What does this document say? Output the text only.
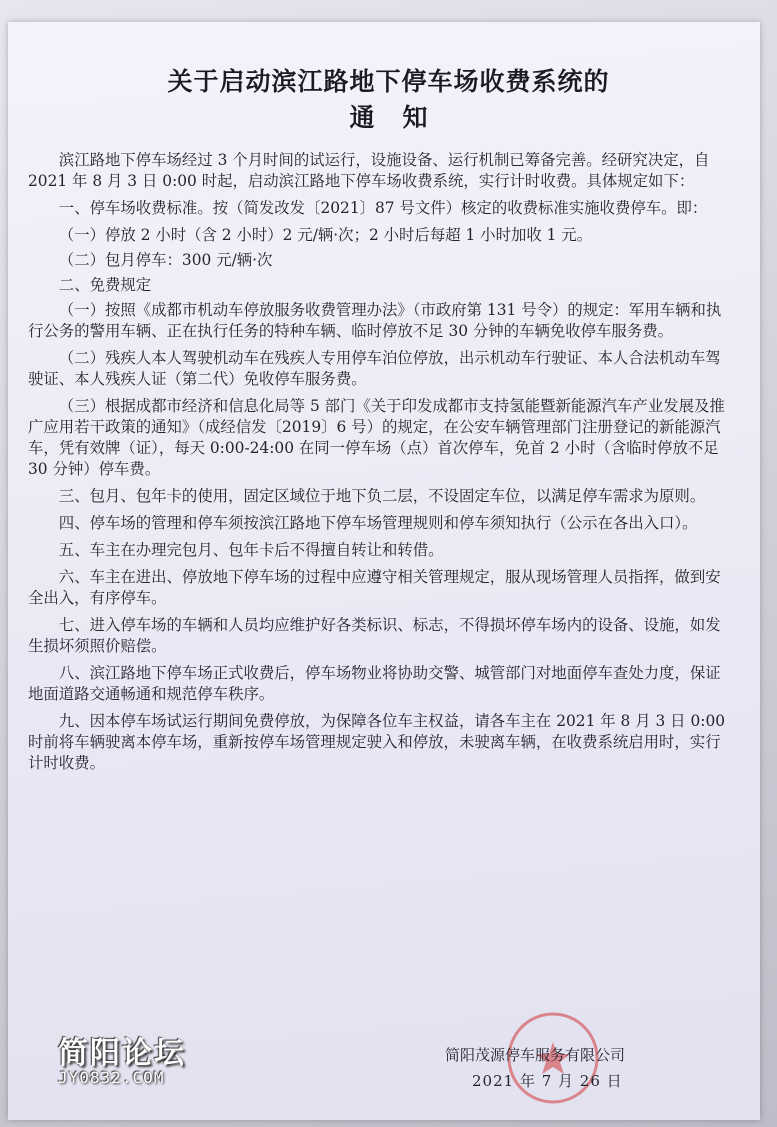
关于启动滨江路地下停车场收费系统的
通知

滨江路地下停车场经过 3 个月时间的试运行，设施设备、运行机制已筹备完善。经研究决定，自 2021 年 8 月 3 日 0:00 时起，启动滨江路地下停车场收费系统，实行计时收费。具体规定如下：

一、停车场收费标准。按（简发改发〔2021〕87 号文件）核定的收费标准实施收费停车。即：

（一）停放 2 小时（含 2 小时）2 元/辆·次；2 小时后每超 1 小时加收 1 元。

（二）包月停车：300 元/辆·次

二、免费规定

（一）按照《成都市机动车停放服务收费管理办法》（市政府第 131 号令）的规定：军用车辆和执行公务的警用车辆、正在执行任务的特种车辆、临时停放不足 30 分钟的车辆免收停车服务费。

（二）残疾人本人驾驶机动车在残疾人专用停车泊位停放，出示机动车行驶证、本人合法机动车驾驶证、本人残疾人证（第二代）免收停车服务费。

（三）根据成都市经济和信息化局等 5 部门《关于印发成都市支持氢能暨新能源汽车产业发展及推广应用若干政策的通知》（成经信发〔2019〕6 号）的规定，在公安车辆管理部门注册登记的新能源汽车，凭有效牌（证），每天 0:00-24:00 在同一停车场（点）首次停车，免首 2 小时（含临时停放不足 30 分钟）停车费。

三、包月、包年卡的使用，固定区域位于地下负二层，不设固定车位，以满足停车需求为原则。

四、停车场的管理和停车须按滨江路地下停车场管理规则和停车须知执行（公示在各出入口）。

五、车主在办理完包月、包年卡后不得擅自转让和转借。

六、车主在进出、停放地下停车场的过程中应遵守相关管理规定，服从现场管理人员指挥，做到安全出入，有序停车。

七、进入停车场的车辆和人员均应维护好各类标识、标志，不得损坏停车场内的设备、设施，如发生损坏须照价赔偿。

八、滨江路地下停车场正式收费后，停车场物业将协助交警、城管部门对地面停车查处力度，保证地面道路交通畅通和规范停车秩序。

九、因本停车场试运行期间免费停放，为保障各位车主权益，请各车主在 2021 年 8 月 3 日 0:00 时前将车辆驶离本停车场，重新按停车场管理规定驶入和停放，未驶离车辆，在收费系统启用时，实行计时收费。

简阳茂源停车服务有限公司
2021 年 7 月 26 日
简阳论坛
JY0832.COM
